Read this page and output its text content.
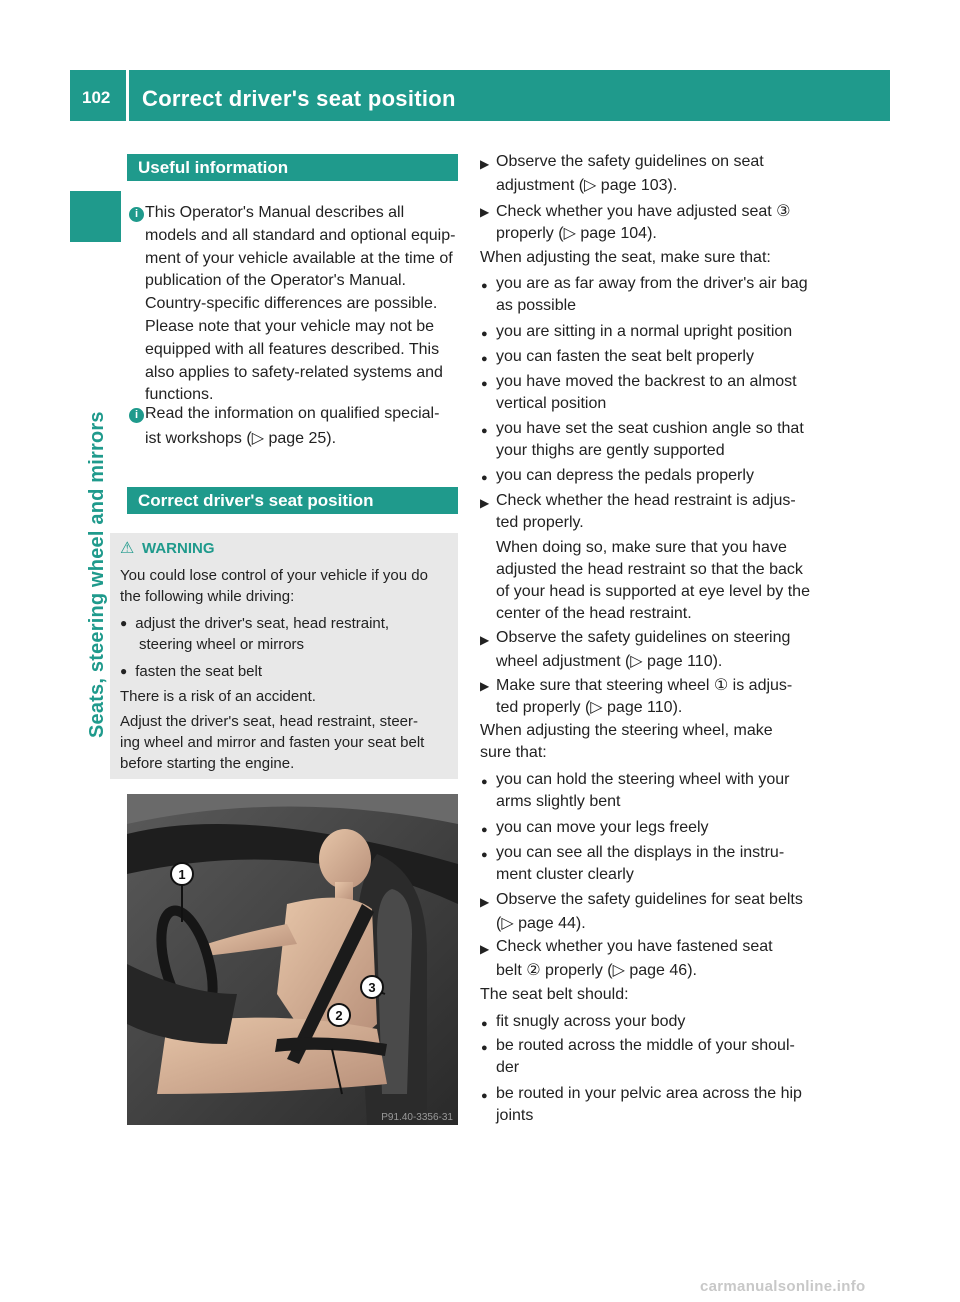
102 Correct driver's seat position
Seats, steering wheel and mirrors
Useful information
i This Operator's Manual describes all
models and all standard and optional equip-
ment of your vehicle available at the time of
publication of the Operator's Manual.
Country-specific differences are possible.
Please note that your vehicle may not be
equipped with all features described. This
also applies to safety-related systems and
functions.
i Read the information on qualified special-
ist workshops (▷ page 25).
Correct driver's seat position
⚠ WARNING
You could lose control of your vehicle if you do
the following while driving:
● adjust the driver's seat, head restraint,
steering wheel or mirrors
● fasten the seat belt
There is a risk of an accident.
Adjust the driver's seat, head restraint, steer-
ing wheel and mirror and fasten your seat belt
before starting the engine.
1
3
2
P91.40-3356-31
▶ Observe the safety guidelines on seat
adjustment (▷ page 103).
▶ Check whether you have adjusted seat ③
properly (▷ page 104).
When adjusting the seat, make sure that:
● you are as far away from the driver's air bag
as possible
● you are sitting in a normal upright position
● you can fasten the seat belt properly
● you have moved the backrest to an almost
vertical position
● you have set the seat cushion angle so that
your thighs are gently supported
● you can depress the pedals properly
▶ Check whether the head restraint is adjus-
ted properly.
When doing so, make sure that you have
adjusted the head restraint so that the back
of your head is supported at eye level by the
center of the head restraint.
▶ Observe the safety guidelines on steering
wheel adjustment (▷ page 110).
▶ Make sure that steering wheel ① is adjus-
ted properly (▷ page 110).
When adjusting the steering wheel, make
sure that:
● you can hold the steering wheel with your
arms slightly bent
● you can move your legs freely
● you can see all the displays in the instru-
ment cluster clearly
▶ Observe the safety guidelines for seat belts
(▷ page 44).
▶ Check whether you have fastened seat
belt ② properly (▷ page 46).
The seat belt should:
● fit snugly across your body
● be routed across the middle of your shoul-
der
● be routed in your pelvic area across the hip
joints
carmanualsonline.info
